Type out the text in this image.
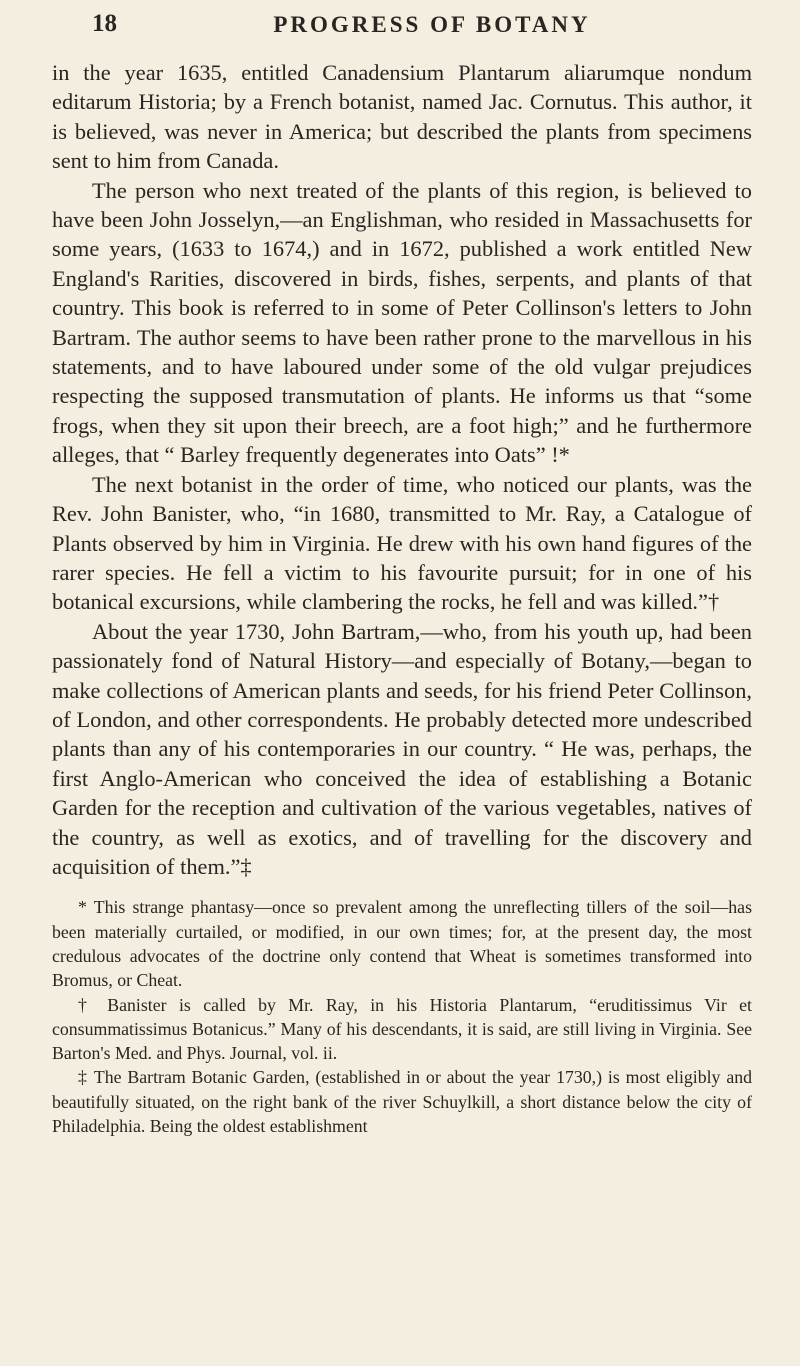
18	PROGRESS OF BOTANY

in the year 1635, entitled Canadensium Plantarum aliarumque nondum editarum Historia; by a French botanist, named Jac. Cornutus. This author, it is believed, was never in America; but described the plants from specimens sent to him from Canada.

The person who next treated of the plants of this region, is believed to have been John Josselyn,—an Englishman, who resided in Massachusetts for some years, (1633 to 1674,) and in 1672, published a work entitled New England's Rarities, discovered in birds, fishes, serpents, and plants of that country. This book is referred to in some of Peter Collinson's letters to John Bartram. The author seems to have been rather prone to the marvellous in his statements, and to have laboured under some of the old vulgar prejudices respecting the supposed transmutation of plants. He informs us that “some frogs, when they sit upon their breech, are a foot high;” and he furthermore alleges, that “ Barley frequently degenerates into Oats” !*

The next botanist in the order of time, who noticed our plants, was the Rev. John Banister, who, “in 1680, transmitted to Mr. Ray, a Catalogue of Plants observed by him in Virginia. He drew with his own hand figures of the rarer species. He fell a victim to his favourite pursuit; for in one of his botanical excursions, while clambering the rocks, he fell and was killed.”†

About the year 1730, John Bartram,—who, from his youth up, had been passionately fond of Natural History—and especially of Botany,—began to make collections of American plants and seeds, for his friend Peter Collinson, of London, and other correspondents. He probably detected more undescribed plants than any of his contemporaries in our country. “ He was, perhaps, the first Anglo-American who conceived the idea of establishing a Botanic Garden for the reception and cultivation of the various vegetables, natives of the country, as well as exotics, and of travelling for the discovery and acquisition of them.”‡

* This strange phantasy—once so prevalent among the unreflecting tillers of the soil—has been materially curtailed, or modified, in our own times; for, at the present day, the most credulous advocates of the doctrine only contend that Wheat is sometimes transformed into Bromus, or Cheat.

† Banister is called by Mr. Ray, in his Historia Plantarum, “eruditissimus Vir et consummatissimus Botanicus.” Many of his descendants, it is said, are still living in Virginia. See Barton's Med. and Phys. Journal, vol. ii.

‡ The Bartram Botanic Garden, (established in or about the year 1730,) is most eligibly and beautifully situated, on the right bank of the river Schuylkill, a short distance below the city of Philadelphia. Being the oldest establishment
